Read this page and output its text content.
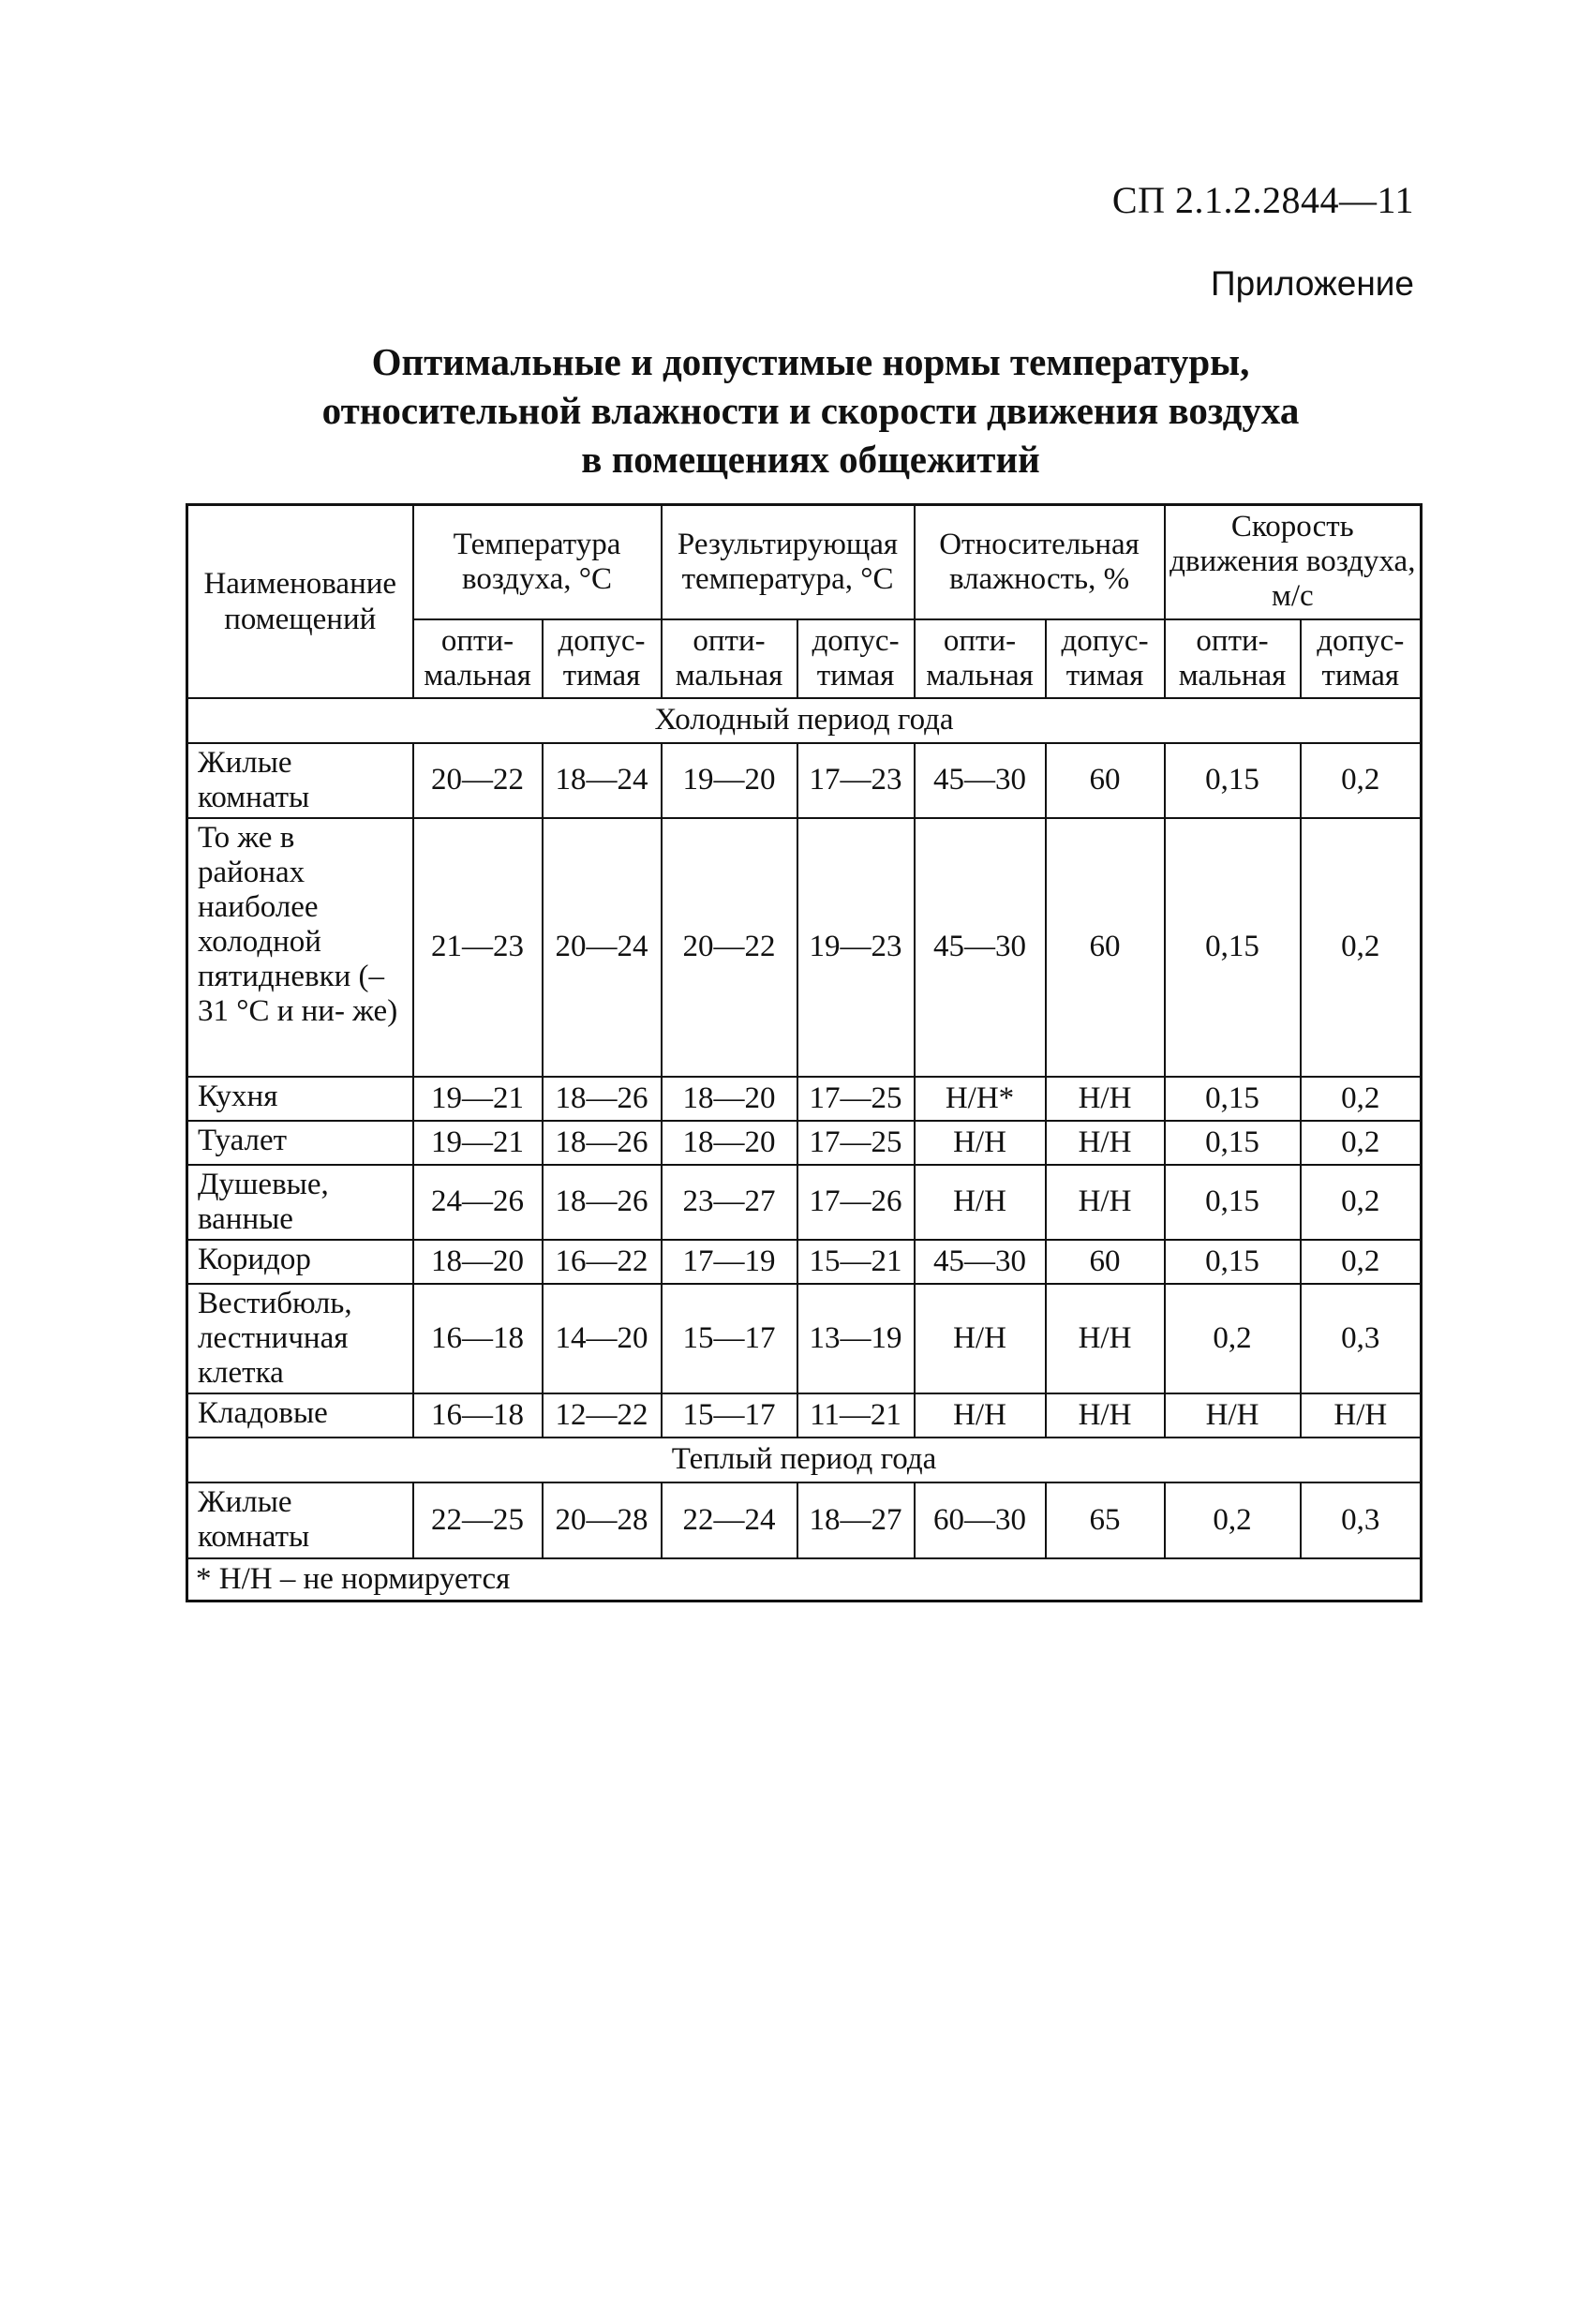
СП 2.1.2.2844—11
Приложение
Оптимальные и допустимые нормы температуры,
относительной влажности и скорости движения воздуха
в помещениях общежитий
Наименование помещений	Температура воздуха, °C		Результирующая температура, °C		Относительная влажность, %		Скорость движения воздуха, м/с	
	опти- мальная	допус- тимая	опти- мальная	допус- тимая	опти- мальная	допус- тимая	опти- мальная	допус- тимая
Холодный период года								
Жилые комнаты	20—22	18—24	19—20	17—23	45—30	60	0,15	0,2
То же в районах наиболее холодной пятидневки (–31 °C и ни- же)	21—23	20—24	20—22	19—23	45—30	60	0,15	0,2
Кухня	19—21	18—26	18—20	17—25	Н/Н*	Н/Н	0,15	0,2
Туалет	19—21	18—26	18—20	17—25	Н/Н	Н/Н	0,15	0,2
Душевые, ванные	24—26	18—26	23—27	17—26	Н/Н	Н/Н	0,15	0,2
Коридор	18—20	16—22	17—19	15—21	45—30	60	0,15	0,2
Вестибюль, лестничная клетка	16—18	14—20	15—17	13—19	Н/Н	Н/Н	0,2	0,3
Кладовые	16—18	12—22	15—17	11—21	Н/Н	Н/Н	Н/Н	Н/Н
Теплый период года								
Жилые комнаты	22—25	20—28	22—24	18—27	60—30	65	0,2	0,3
* Н/Н – не нормируется								
